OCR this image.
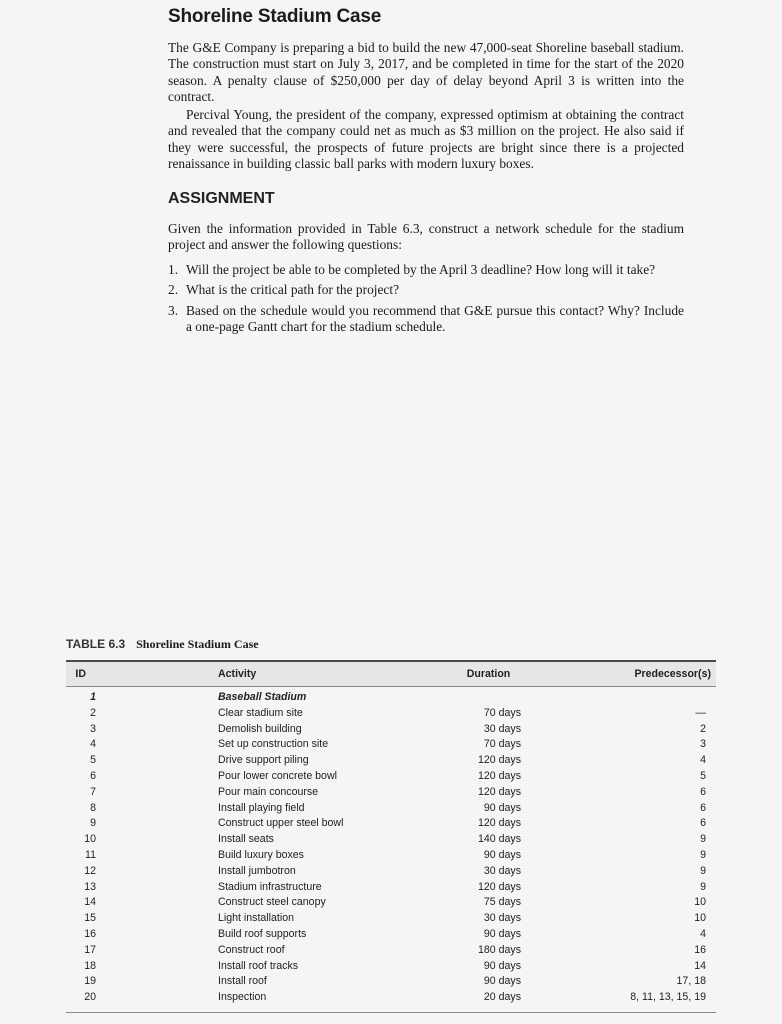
Shoreline Stadium Case

The G&E Company is preparing a bid to build the new 47,000-seat Shoreline baseball stadium. The construction must start on July 3, 2017, and be completed in time for the start of the 2020 season. A penalty clause of $250,000 per day of delay beyond April 3 is written into the contract.

Percival Young, the president of the company, expressed optimism at obtaining the contract and revealed that the company could net as much as $3 million on the project. He also said if they were successful, the prospects of future projects are bright since there is a projected renaissance in building classic ball parks with modern luxury boxes.

ASSIGNMENT

Given the information provided in Table 6.3, construct a network schedule for the stadium project and answer the following questions:

1. Will the project be able to be completed by the April 3 deadline? How long will it take?
2. What is the critical path for the project?
3. Based on the schedule would you recommend that G&E pursue this contact? Why? Include a one-page Gantt chart for the stadium schedule.
TABLE 6.3 Shoreline Stadium Case
ID	Activity	Duration	Predecessor(s)
1	Baseball Stadium
2	Clear stadium site	70 days	—
3	Demolish building	30 days	2
4	Set up construction site	70 days	3
5	Drive support piling	120 days	4
6	Pour lower concrete bowl	120 days	5
7	Pour main concourse	120 days	6
8	Install playing field	90 days	6
9	Construct upper steel bowl	120 days	6
10	Install seats	140 days	9
11	Build luxury boxes	90 days	9
12	Install jumbotron	30 days	9
13	Stadium infrastructure	120 days	9
14	Construct steel canopy	75 days	10
15	Light installation	30 days	10
16	Build roof supports	90 days	4
17	Construct roof	180 days	16
18	Install roof tracks	90 days	14
19	Install roof	90 days	17, 18
20	Inspection	20 days	8, 11, 13, 15, 19
